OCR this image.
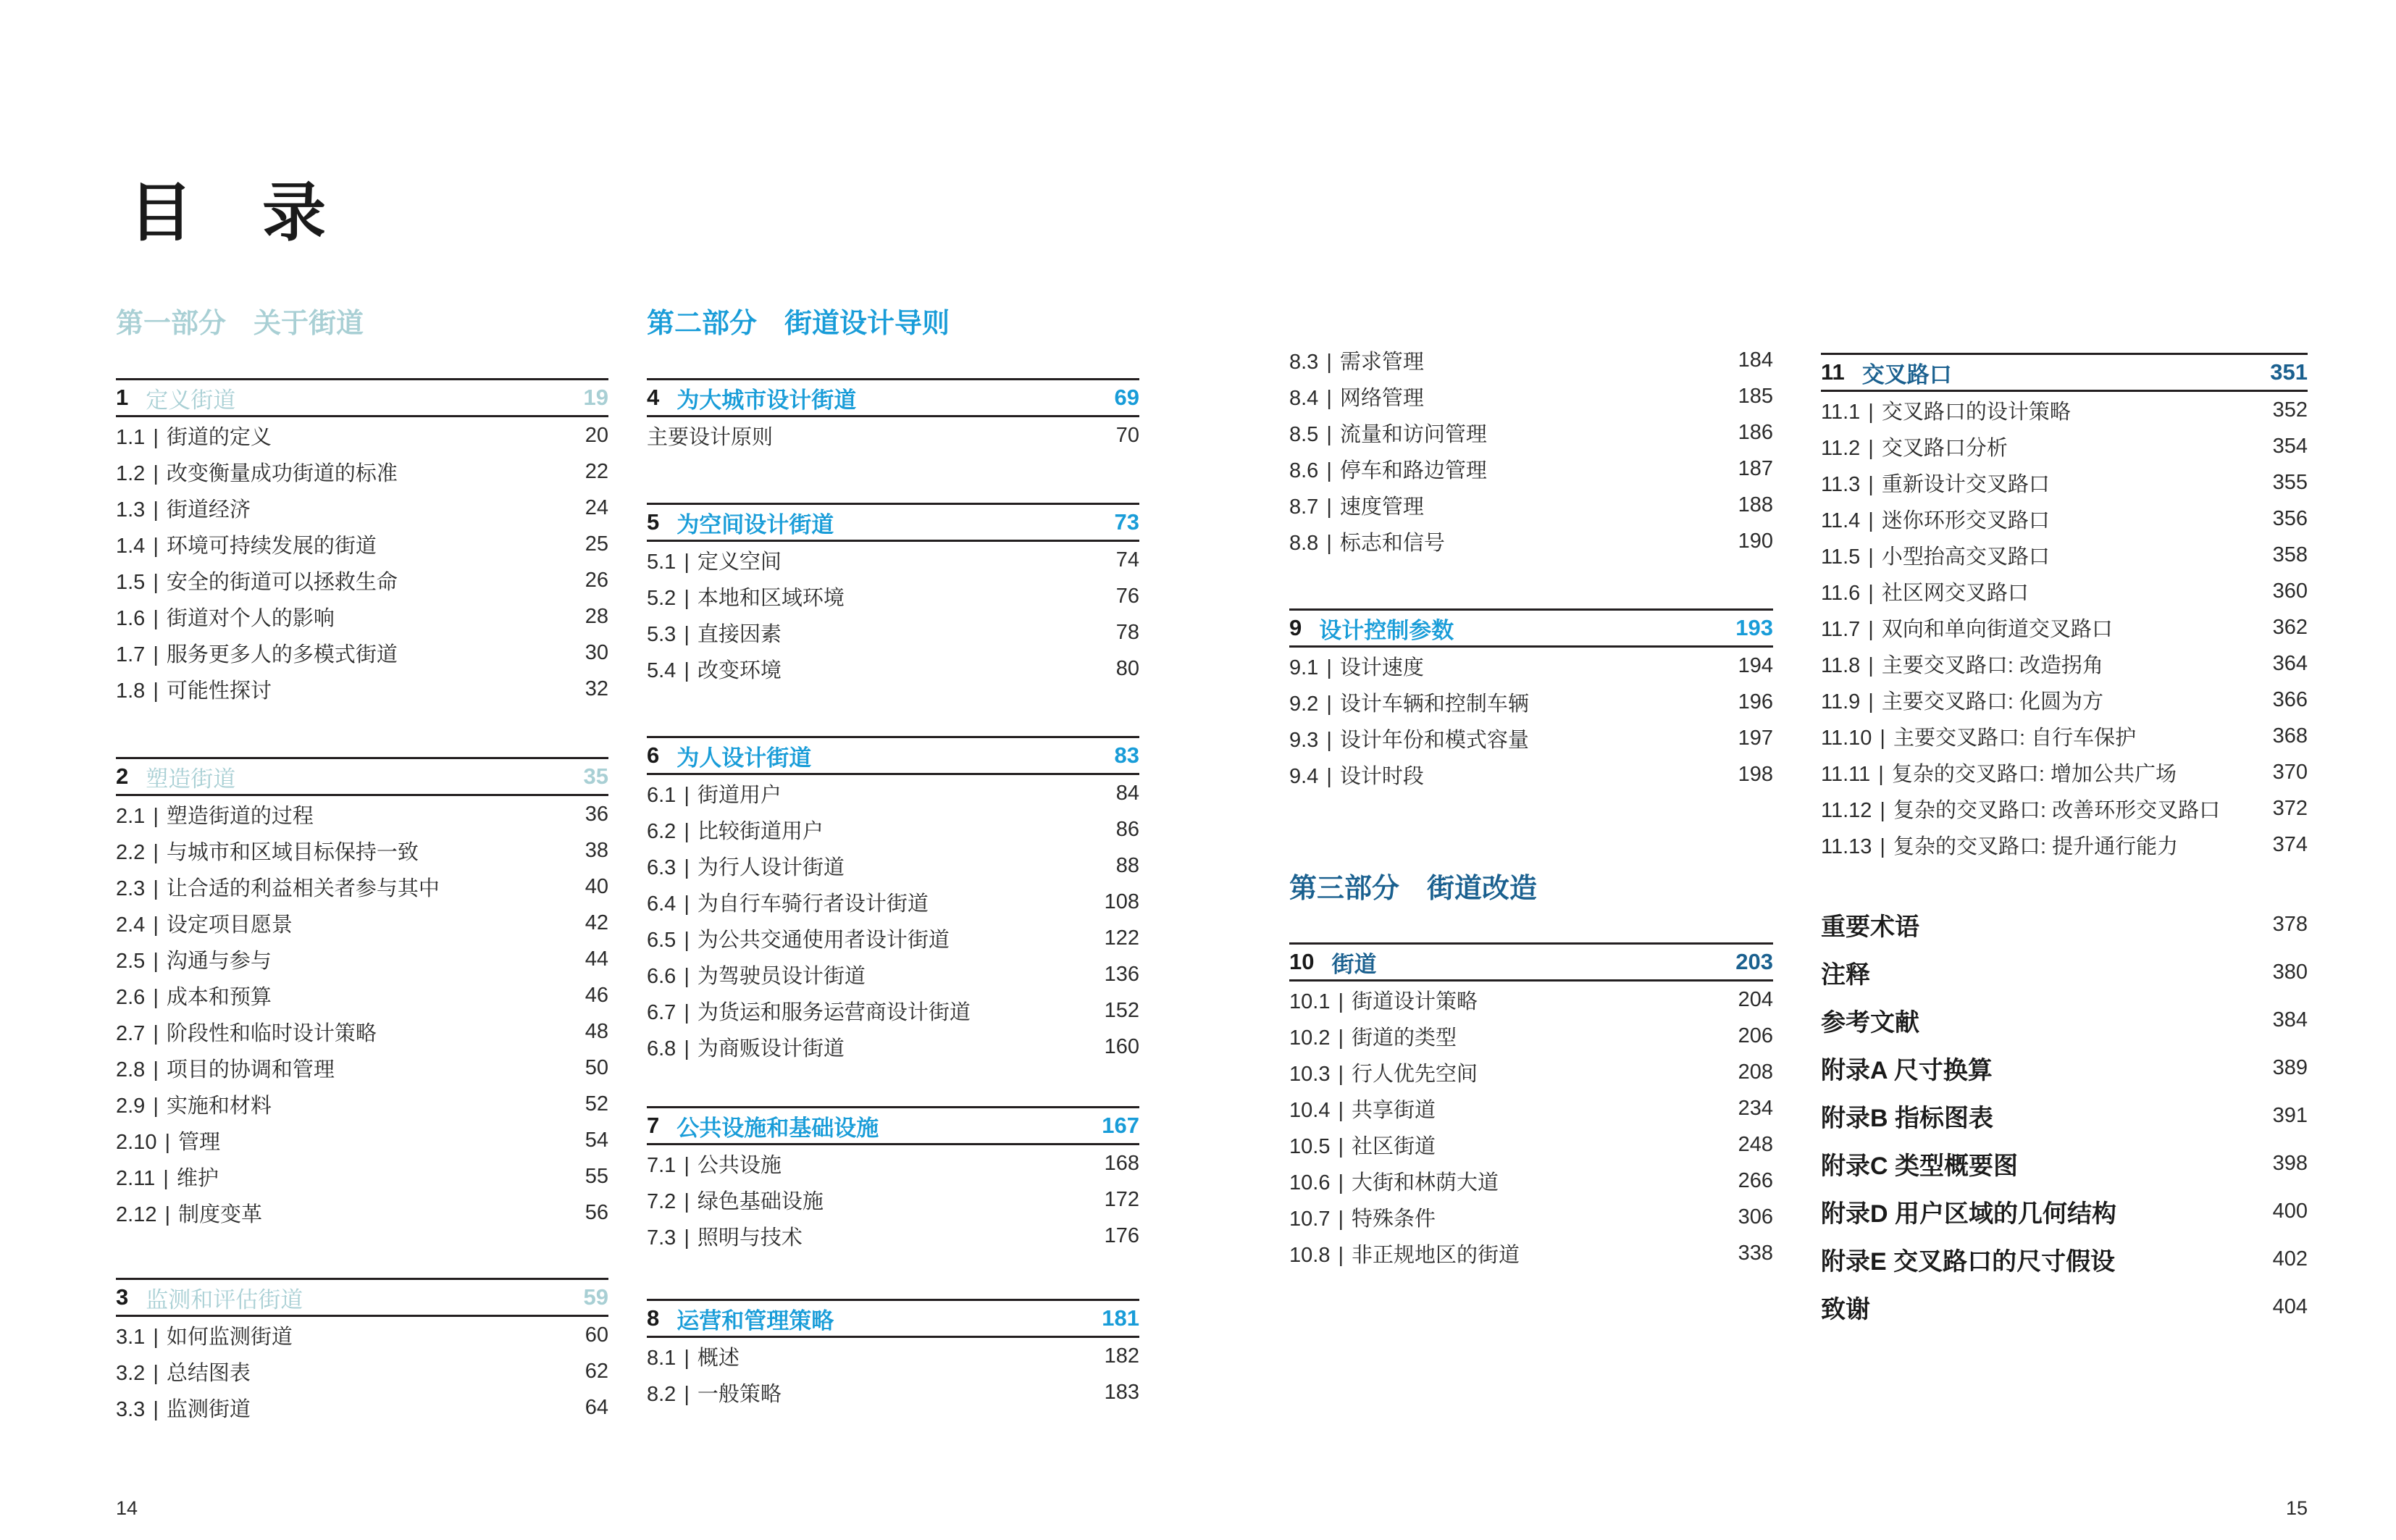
目　录
第一部分　关于街道	第二部分　街道设计导则
第三部分　街道改造
14	15
1 定义街道	19
1.1 | 街道的定义	20
1.2 | 改变衡量成功街道的标准	22
1.3 | 街道经济	24
1.4 | 环境可持续发展的街道	25
1.5 | 安全的街道可以拯救生命	26
1.6 | 街道对个人的影响	28
1.7 | 服务更多人的多模式街道	30
1.8 | 可能性探讨	32
2 塑造街道	35
2.1 | 塑造街道的过程	36
2.2 | 与城市和区域目标保持一致	38
2.3 | 让合适的利益相关者参与其中	40
2.4 | 设定项目愿景	42
2.5 | 沟通与参与	44
2.6 | 成本和预算	46
2.7 | 阶段性和临时设计策略	48
2.8 | 项目的协调和管理	50
2.9 | 实施和材料	52
2.10 | 管理	54
2.11 | 维护	55
2.12 | 制度变革	56
3 监测和评估街道	59
3.1 | 如何监测街道	60
3.2 | 总结图表	62
3.3 | 监测街道	64
4 为大城市设计街道	69
主要设计原则	70
5 为空间设计街道	73
5.1 | 定义空间	74
5.2 | 本地和区域环境	76
5.3 | 直接因素	78
5.4 | 改变环境	80
6 为人设计街道	83
6.1 | 街道用户	84
6.2 | 比较街道用户	86
6.3 | 为行人设计街道	88
6.4 | 为自行车骑行者设计街道	108
6.5 | 为公共交通使用者设计街道	122
6.6 | 为驾驶员设计街道	136
6.7 | 为货运和服务运营商设计街道	152
6.8 | 为商贩设计街道	160
7 公共设施和基础设施	167
7.1 | 公共设施	168
7.2 | 绿色基础设施	172
7.3 | 照明与技术	176
8 运营和管理策略	181
8.1 | 概述	182
8.2 | 一般策略	183
8.3 | 需求管理	184
8.4 | 网络管理	185
8.5 | 流量和访问管理	186
8.6 | 停车和路边管理	187
8.7 | 速度管理	188
8.8 | 标志和信号	190
9 设计控制参数	193
9.1 | 设计速度	194
9.2 | 设计车辆和控制车辆	196
9.3 | 设计年份和模式容量	197
9.4 | 设计时段	198
10 街道	203
10.1 | 街道设计策略	204
10.2 | 街道的类型	206
10.3 | 行人优先空间	208
10.4 | 共享街道	234
10.5 | 社区街道	248
10.6 | 大街和林荫大道	266
10.7 | 特殊条件	306
10.8 | 非正规地区的街道	338
11 交叉路口	351
11.1 | 交叉路口的设计策略	352
11.2 | 交叉路口分析	354
11.3 | 重新设计交叉路口	355
11.4 | 迷你环形交叉路口	356
11.5 | 小型抬高交叉路口	358
11.6 | 社区网交叉路口	360
11.7 | 双向和单向街道交叉路口	362
11.8 | 主要交叉路口: 改造拐角	364
11.9 | 主要交叉路口: 化圆为方	366
11.10 | 主要交叉路口: 自行车保护	368
11.11 | 复杂的交叉路口: 增加公共广场	370
11.12 | 复杂的交叉路口: 改善环形交叉路口	372
11.13 | 复杂的交叉路口: 提升通行能力	374
重要术语	378
注释	380
参考文献	384
附录A 尺寸换算	389
附录B 指标图表	391
附录C 类型概要图	398
附录D 用户区域的几何结构	400
附录E 交叉路口的尺寸假设	402
致谢	404
